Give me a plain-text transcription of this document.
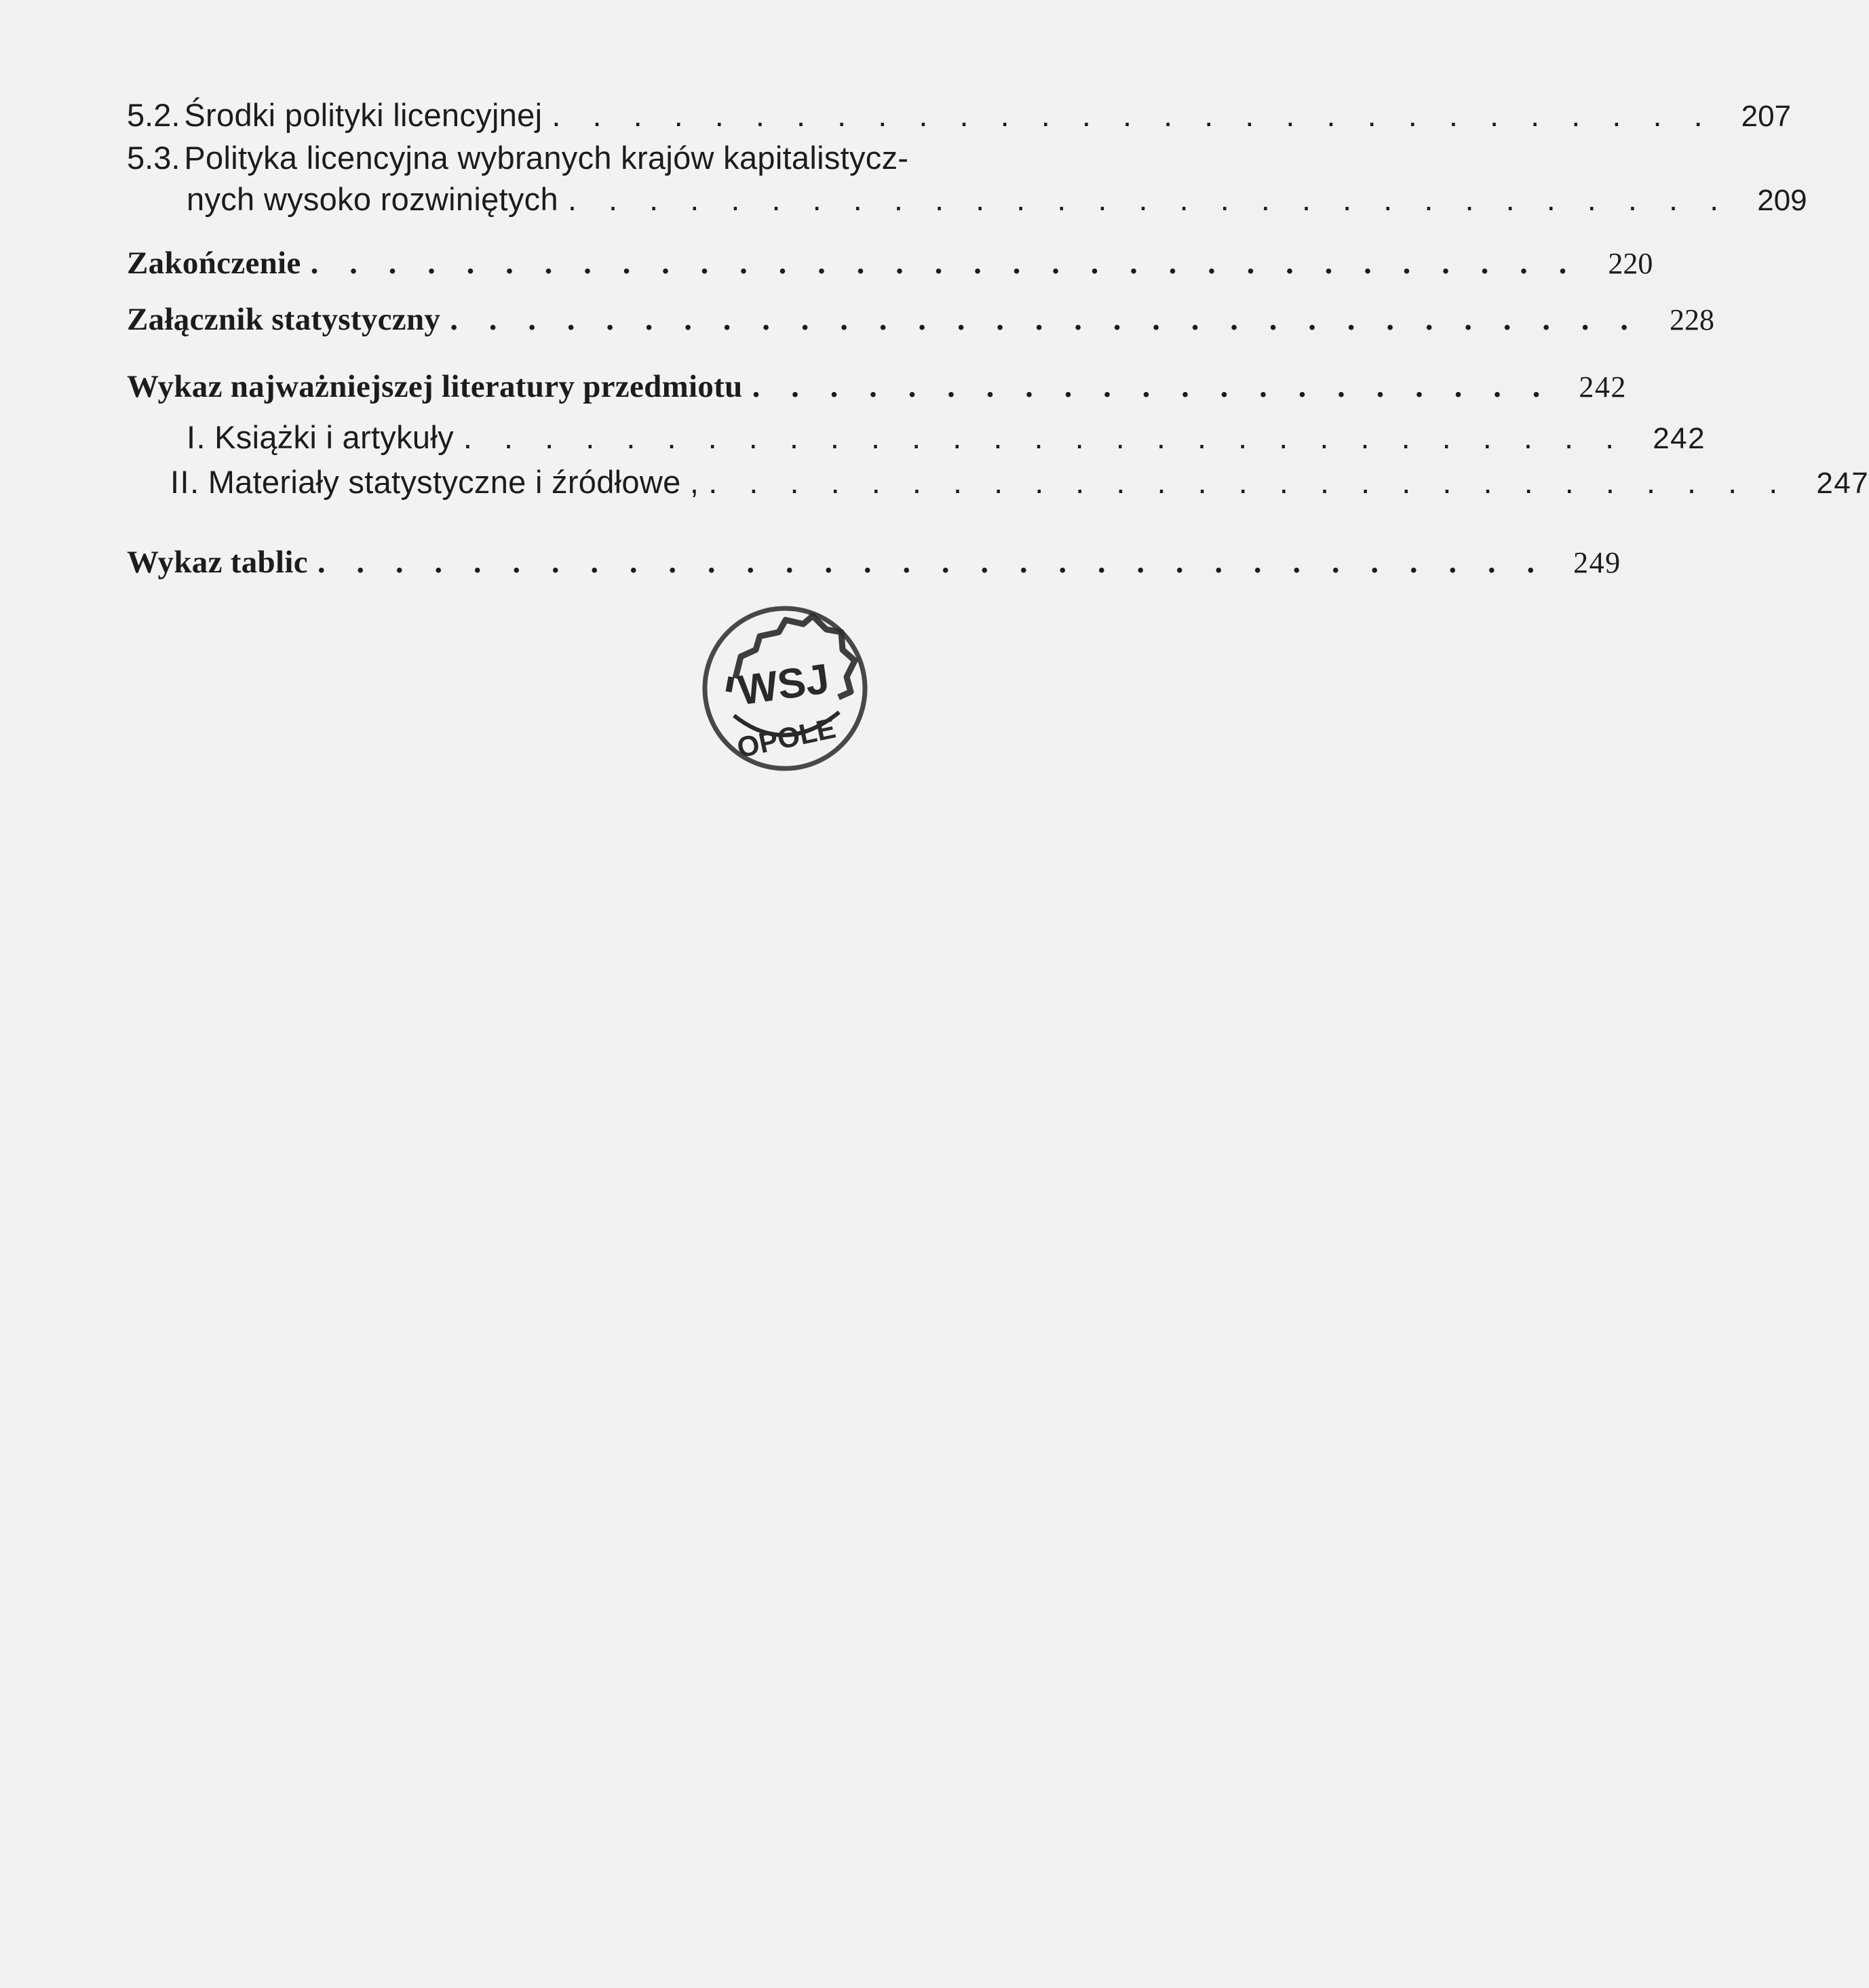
5.2. Środki polityki licencyjnej . . . . . . . . . . . . . . . . . . . . . . . . . . . . . 207
5.3. Polityka licencyjna wybranych krajów kapitalistycz-
nych wysoko rozwiniętych . . . . . . . . . . . . . . . . . . . . . . . . . . . . . 209
Zakończenie . . . . . . . . . . . . . . . . . . . . . . . . . . . . . . . . .	220
Załącznik statystyczny . . . . . . . . . . . . . . . . . . . . . . . . . . . . . . .	228
Wykaz najważniejszej literatury przedmiotu . . . . . . . . . . . . . . . . . . . . . 242
I. Książki i artykuły . . . . . . . . . . . . . . . . . . . . . . . . . . . . . 242
II. Materiały statystyczne i źródłowe , . . . . . . . . . . . . . . . . . . . . . . . . . . . 247
Wykaz tablic . . . . . . . . . . . . . . . . . . . . . . . . . . . . . . . . 249
WSJ
OPOLE
